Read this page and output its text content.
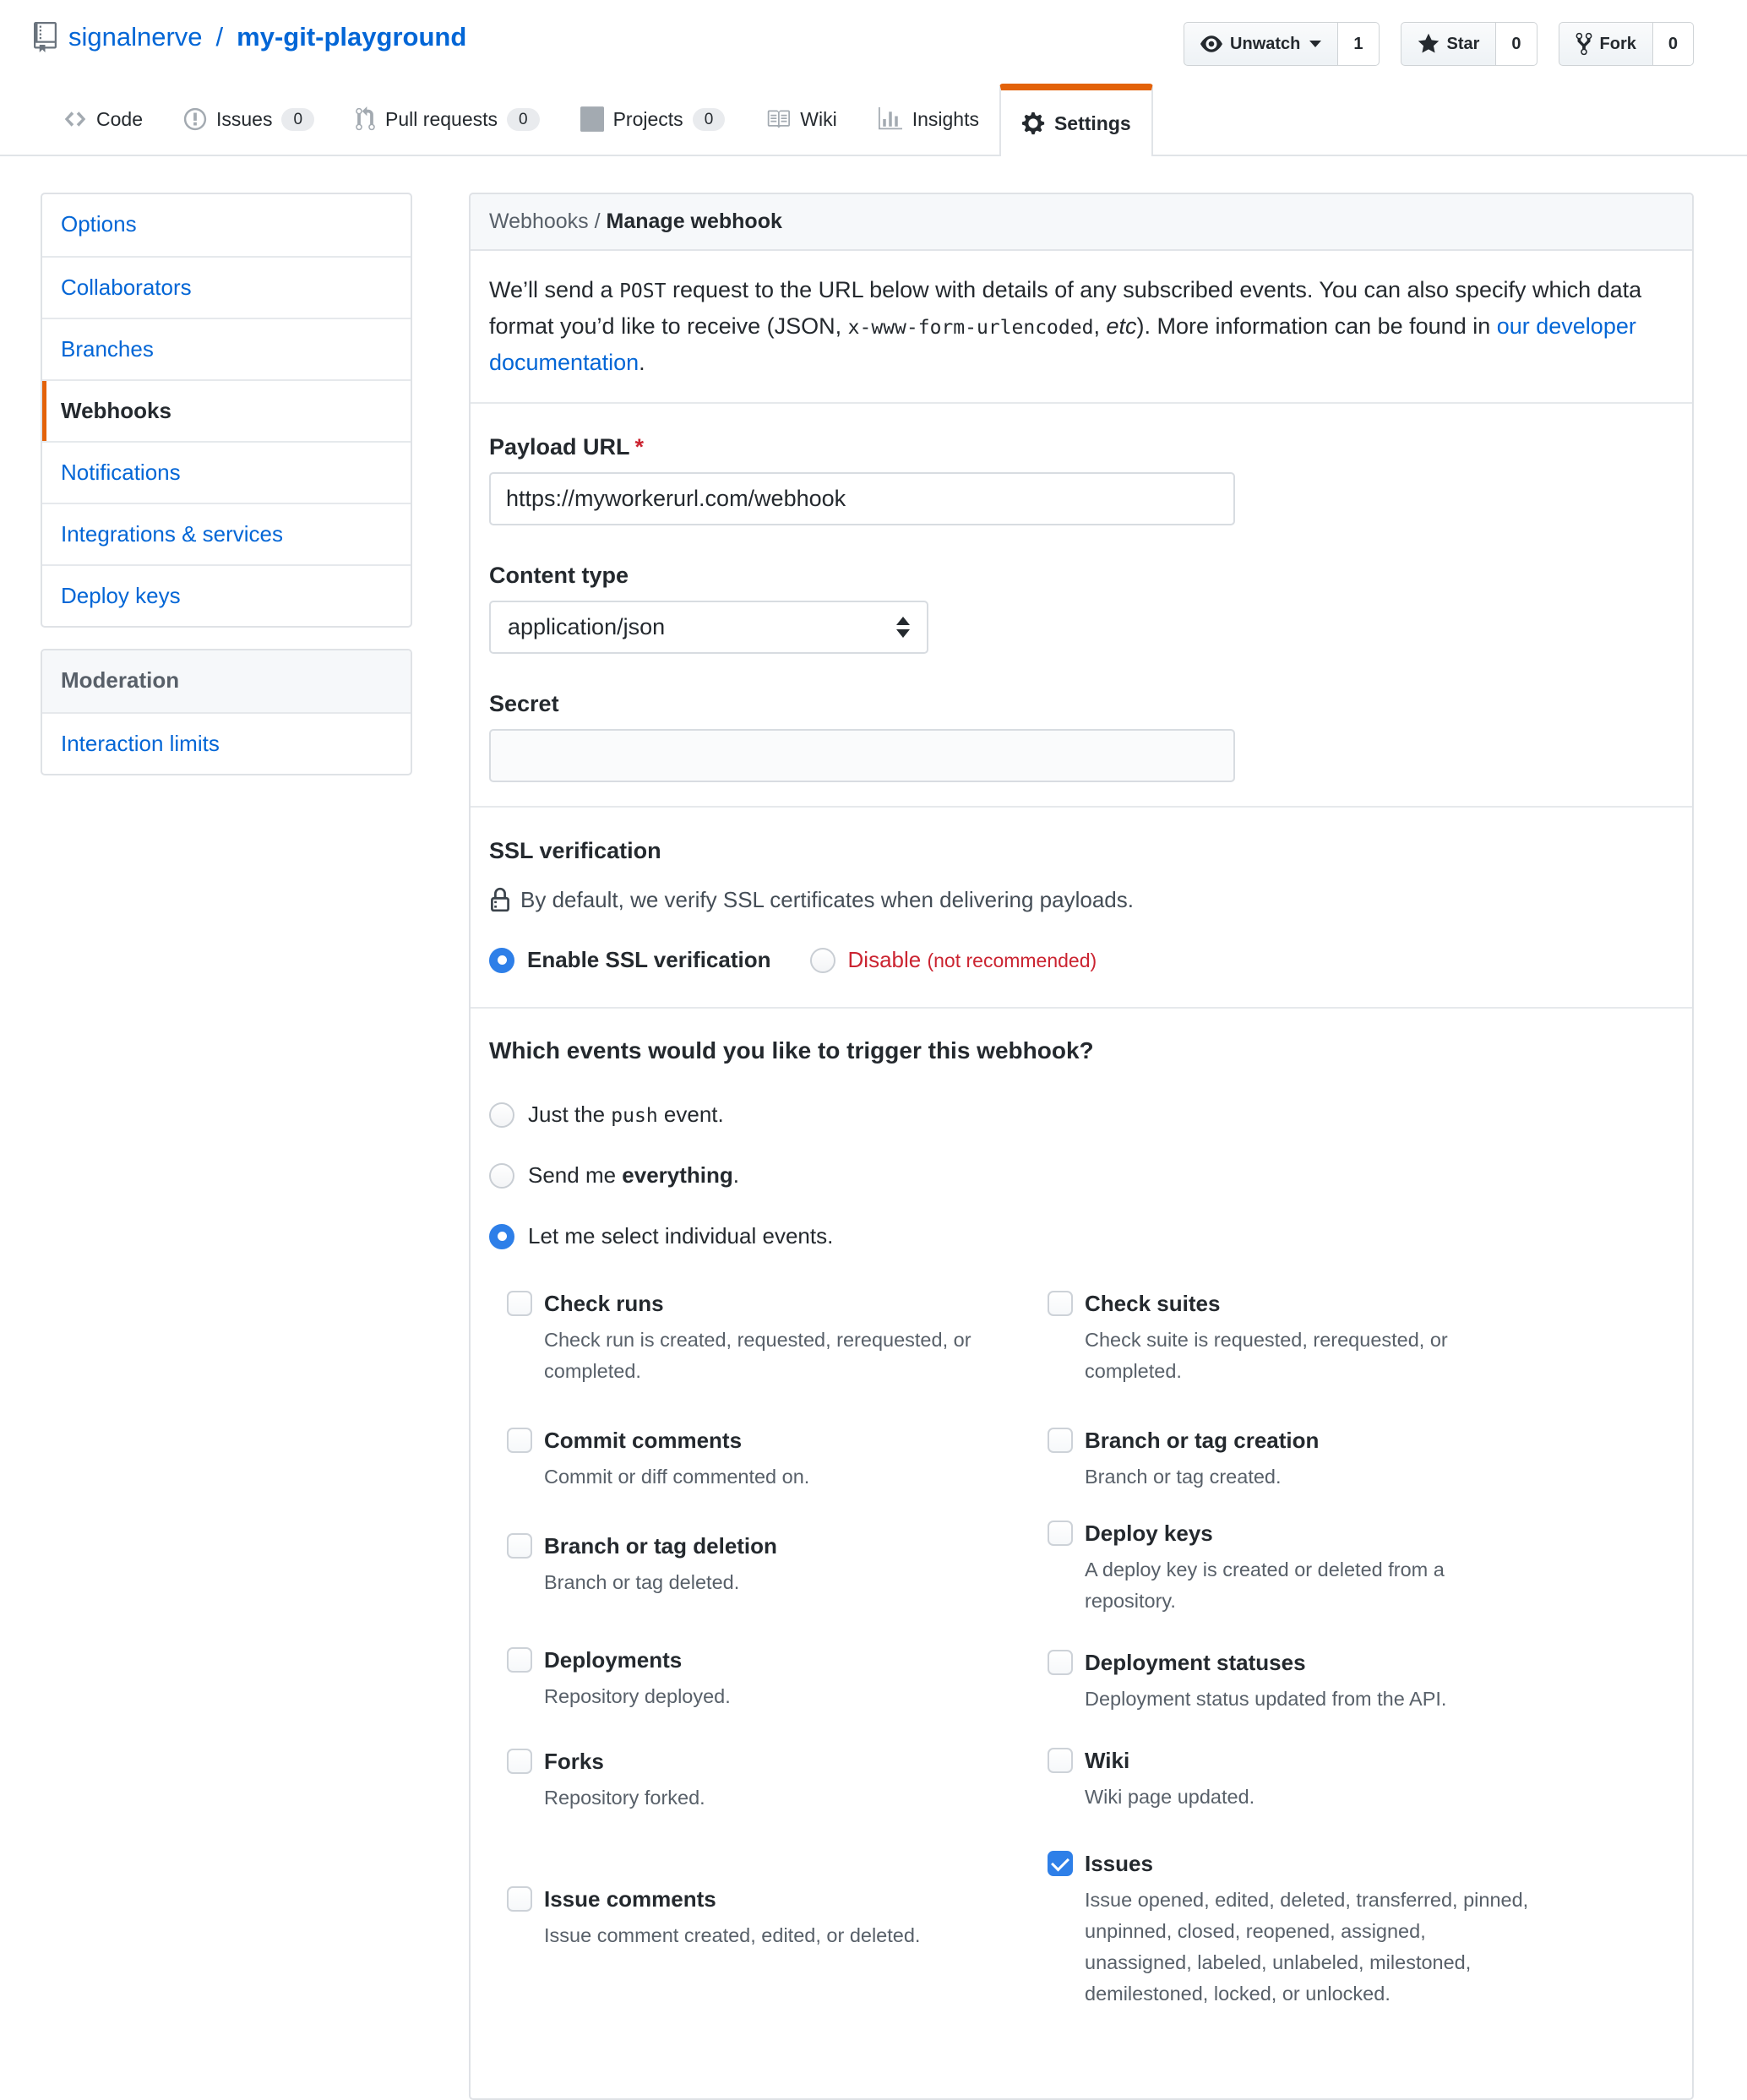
signalnerve / my-git-playground	Unwatch	1	Star	0	Fork	0
Code	Issues	0	Pull requests	0	Projects	0	Wiki	Insights	Settings
Options
Collaborators
Branches
Webhooks
Notifications
Integrations & services
Deploy keys
Moderation
Interaction limits
Webhooks / Manage webhook

We’ll send a POST request to the URL below with details of any subscribed events. You can also specify which data format you’d like to receive (JSON, x-www-form-urlencoded, etc). More information can be found in our developer documentation.

Payload URL *
https://myworkerurl.com/webhook
Content type
application/json
Secret
SSL verification
By default, we verify SSL certificates when delivering payloads.
Enable SSL verification	Disable (not recommended)
Which events would you like to trigger this webhook?
Just the push event.
Send me everything.
Let me select individual events.
Check runs
Check run is created, requested, rerequested, or completed.
Commit comments
Commit or diff commented on.
Branch or tag deletion
Branch or tag deleted.
Deployments
Repository deployed.
Forks
Repository forked.
Issue comments
Issue comment created, edited, or deleted.
Check suites
Check suite is requested, rerequested, or completed.
Branch or tag creation
Branch or tag created.
Deploy keys
A deploy key is created or deleted from a repository.
Deployment statuses
Deployment status updated from the API.
Wiki
Wiki page updated.
Issues
Issue opened, edited, deleted, transferred, pinned, unpinned, closed, reopened, assigned, unassigned, labeled, unlabeled, milestoned, demilestoned, locked, or unlocked.
